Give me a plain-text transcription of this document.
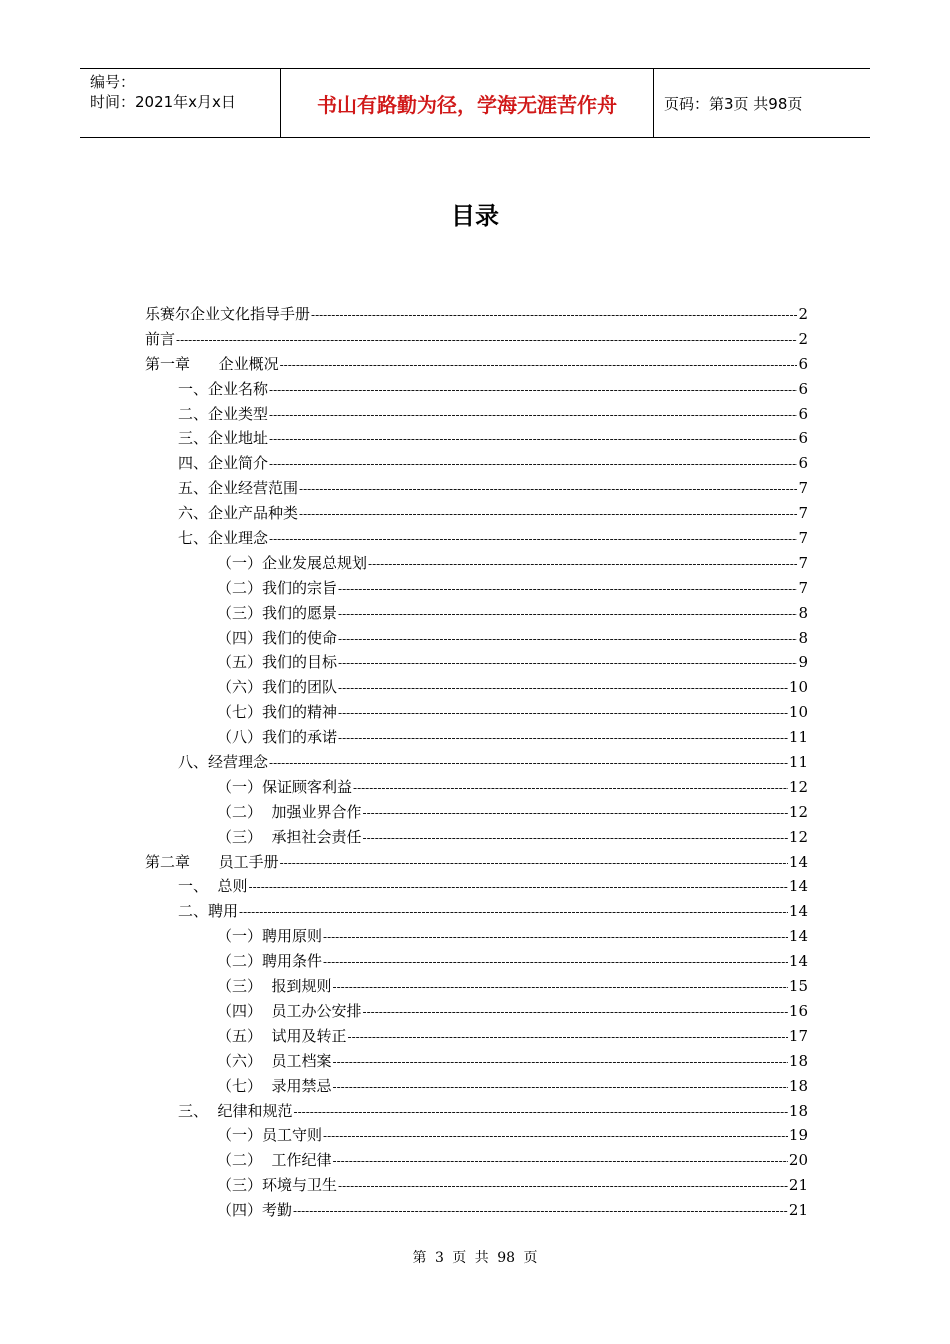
编号：
时间：2021年x月x日	书山有路勤为径，学海无涯苦作舟	页码：第3页 共98页
目录
乐赛尔企业文化指导手册 -----	2
前言 -----	2
第一章      企业概况 -----	6
一、企业名称 -----	6
二、企业类型 -----	6
三、企业地址 -----	6
四、企业简介 -----	6
五、企业经营范围 -----	7
六、企业产品种类 -----	7
七、企业理念 -----	7
（一）企业发展总规划 -----	7
（二）我们的宗旨 -----	7
（三）我们的愿景 -----	8
（四）我们的使命 -----	8
（五）我们的目标 -----	9
（六）我们的团队 -----	10
（七）我们的精神 -----	10
（八）我们的承诺 -----	11
八、经营理念 -----	11
（一）保证顾客利益 -----	12
（二）  加强业界合作 -----	12
（三）  承担社会责任 -----	12
第二章      员工手册 -----	14
一、  总则 -----	14
二、聘用 -----	14
（一）聘用原则 -----	14
（二）聘用条件 -----	14
（三）  报到规则 -----	15
（四）  员工办公安排 -----	16
（五）  试用及转正 -----	17
（六）  员工档案 -----	18
（七）  录用禁忌 -----	18
三、  纪律和规范 -----	18
（一）员工守则 -----	19
（二）  工作纪律 -----	20
（三）环境与卫生 -----	21
（四）考勤 -----	21
第 3 页 共 98 页
